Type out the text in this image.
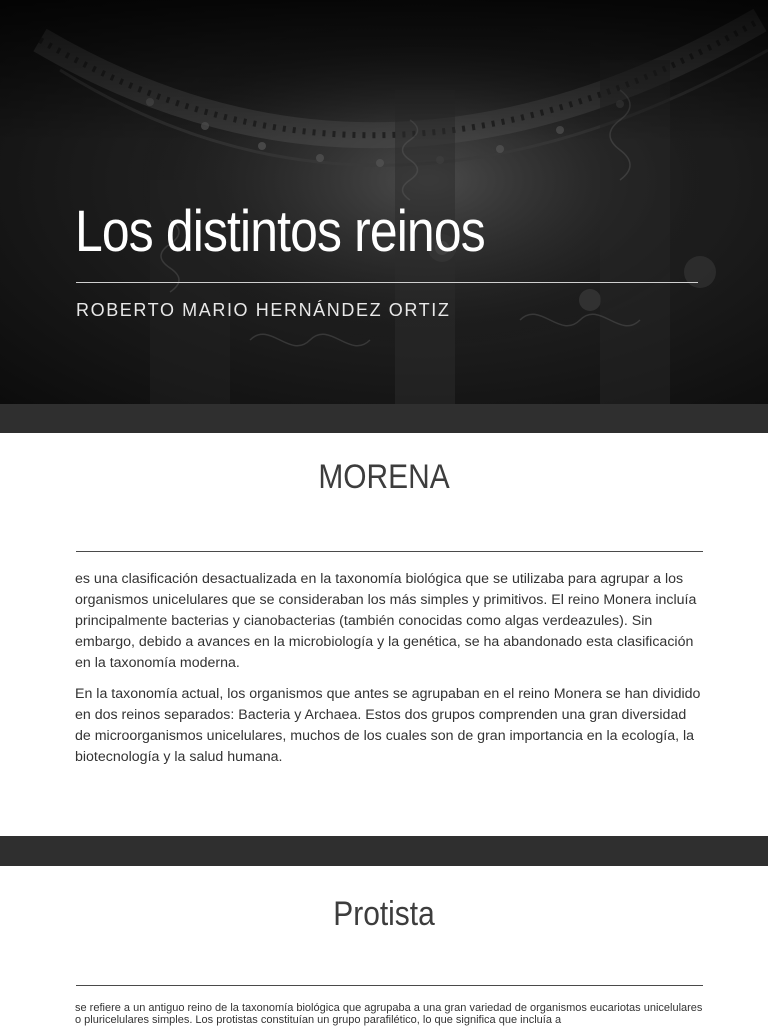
Los distintos reinos

ROBERTO MARIO HERNÁNDEZ ORTIZ

MORENA

es una clasificación desactualizada en la taxonomía biológica que se utilizaba para agrupar a los organismos unicelulares que se consideraban los más simples y primitivos. El reino Monera incluía principalmente bacterias y cianobacterias (también conocidas como algas verdeazules). Sin embargo, debido a avances en la microbiología y la genética, se ha abandonado esta clasificación en la taxonomía moderna.

En la taxonomía actual, los organismos que antes se agrupaban en el reino Monera se han dividido en dos reinos separados: Bacteria y Archaea. Estos dos grupos comprenden una gran diversidad de microorganismos unicelulares, muchos de los cuales son de gran importancia en la ecología, la biotecnología y la salud humana.

Protista

se refiere a un antiguo reino de la taxonomía biológica que agrupaba a una gran variedad de organismos eucariotas unicelulares o pluricelulares simples. Los protistas constituían un grupo parafilético, lo que significa que incluía a
